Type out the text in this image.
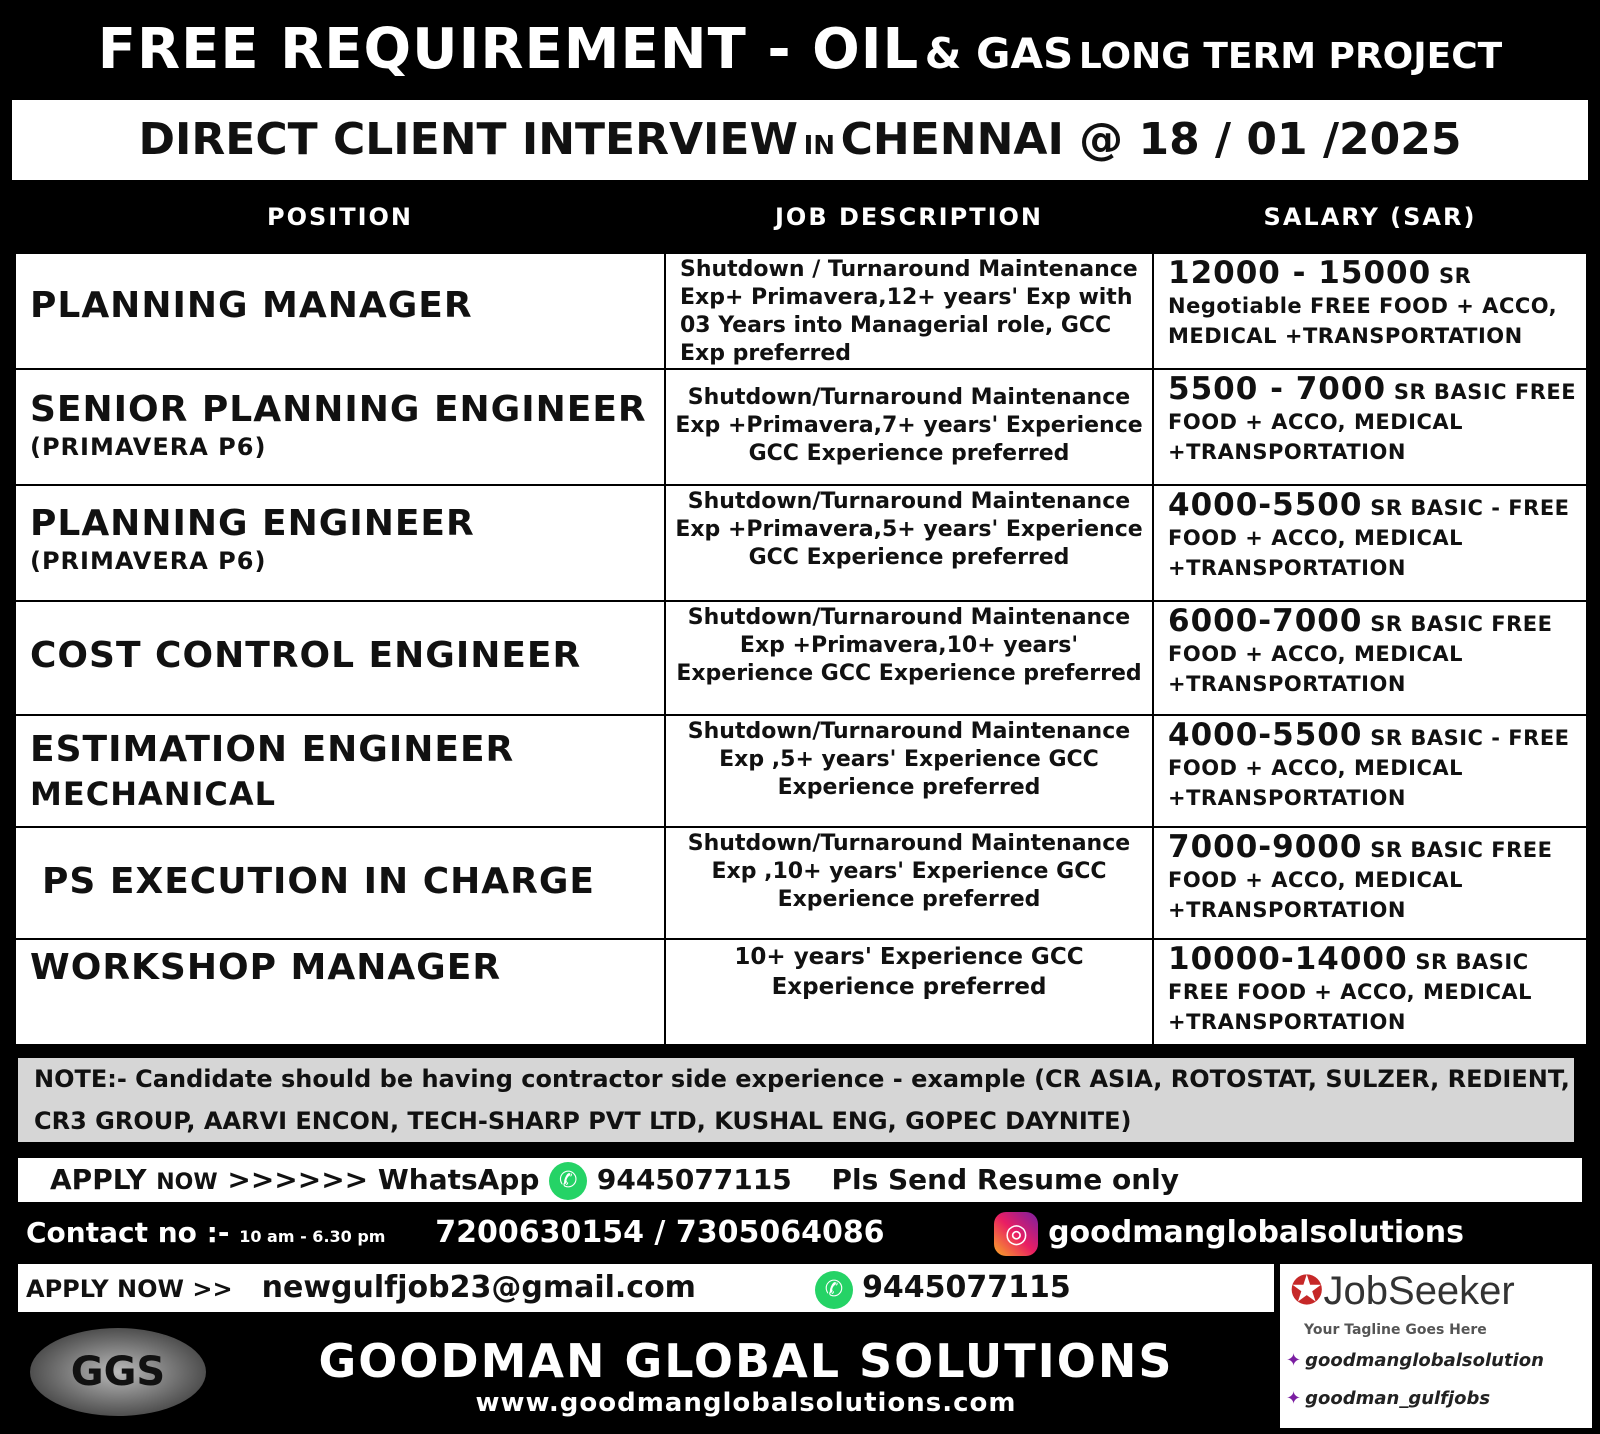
FREE REQUIREMENT - OIL & GAS LONG TERM PROJECT
DIRECT CLIENT INTERVIEW IN CHENNAI @ 18 / 01 /2025
POSITION	JOB DESCRIPTION	SALARY (SAR)

PLANNING MANAGER	Shutdown / Turnaround Maintenance Exp+ Primavera,12+ years' Exp with 03 Years into Managerial role, GCC Exp preferred	12000 - 15000 SR Negotiable FREE FOOD + ACCO, MEDICAL +TRANSPORTATION

SENIOR PLANNING ENGINEER
(PRIMAVERA P6)	Shutdown/Turnaround Maintenance Exp +Primavera,7+ years' Experience GCC Experience preferred	5500 - 7000 SR BASIC FREE FOOD + ACCO, MEDICAL +TRANSPORTATION

PLANNING ENGINEER
(PRIMAVERA P6)	Shutdown/Turnaround Maintenance Exp +Primavera,5+ years' Experience GCC Experience preferred	4000-5500 SR BASIC - FREE FOOD + ACCO, MEDICAL +TRANSPORTATION

COST CONTROL ENGINEER	Shutdown/Turnaround Maintenance Exp +Primavera,10+ years' Experience GCC Experience preferred	6000-7000 SR BASIC FREE FOOD + ACCO, MEDICAL +TRANSPORTATION

ESTIMATION ENGINEER
MECHANICAL	Shutdown/Turnaround Maintenance Exp ,5+ years' Experience GCC Experience preferred	4000-5500 SR BASIC - FREE FOOD + ACCO, MEDICAL +TRANSPORTATION

PS EXECUTION IN CHARGE	Shutdown/Turnaround Maintenance Exp ,10+ years' Experience GCC Experience preferred	7000-9000 SR BASIC FREE FOOD + ACCO, MEDICAL +TRANSPORTATION

WORKSHOP MANAGER	10+ years' Experience GCC Experience preferred	10000-14000 SR BASIC FREE FOOD + ACCO, MEDICAL +TRANSPORTATION
NOTE:- Candidate should be having contractor side experience - example (CR ASIA, ROTOSTAT, SULZER, REDIENT, CR3 GROUP, AARVI ENCON, TECH-SHARP PVT LTD, KUSHAL ENG, GOPEC DAYNITE)
APPLY NOW >>>>>> WhatsApp ✆ 9445077115 Pls Send Resume only
Contact no :- 10 am - 6.30 pm 7200630154 / 7305064086	◎ goodmanglobalsolutions
APPLY NOW >> newgulfjob23@gmail.com	✆ 9445077115
GGS	GOODMAN GLOBAL SOLUTIONS
www.goodmanglobalsolutions.com
✪JobSeeker
Your Tagline Goes Here
✦ goodmanglobalsolution
✦ goodman_gulfjobs
